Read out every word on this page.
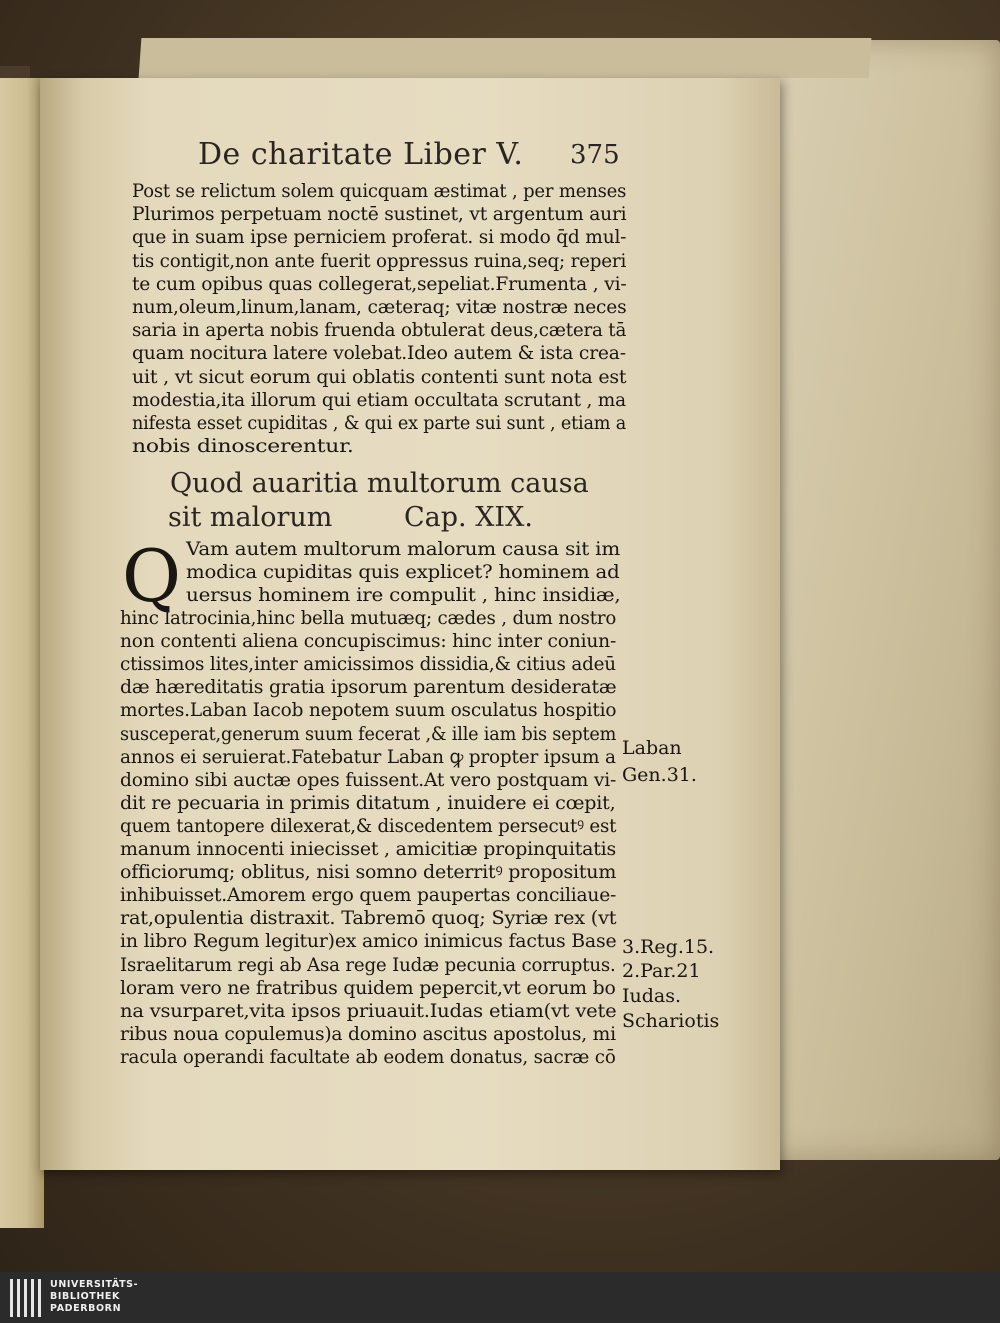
De charitate Liber V. 375
Post se relictum solem quicquam æstimat , per menses
Plurimos perpetuam noctē sustinet, vt argentum auri
que in suam ipse perniciem proferat. si modo q̄d mul-
tis contigit,non ante fuerit oppressus ruina,seq; reperi
te cum opibus quas collegerat,sepeliat.Frumenta , vi-
num,oleum,linum,lanam, cæteraq; vitæ nostræ neces
saria in aperta nobis fruenda obtulerat deus,cætera tā
quam nocitura latere volebat.Ideo autem & ista crea-
uit , vt sicut eorum qui oblatis contenti sunt nota est
modestia,ita illorum qui etiam occultata scrutant , ma
nifesta esset cupiditas , & qui ex parte sui sunt , etiam a
nobis dinoscerentur.
Quod auaritia multorum causa
sit malorum	Cap. XIX.
Q Vam autem multorum malorum causa sit im
modica cupiditas quis explicet? hominem ad
uersus hominem ire compulit , hinc insidiæ,
hinc latrocinia,hinc bella mutuæq; cædes , dum nostro
non contenti aliena concupiscimus: hinc inter coniun-
ctissimos lites,inter amicissimos dissidia,& citius adeū
dæ hæreditatis gratia ipsorum parentum desideratæ
mortes.Laban Iacob nepotem suum osculatus hospitio
susceperat,generum suum fecerat ,& ille iam bis septem
annos ei seruierat.Fatebatur Laban ꝙ propter ipsum a
domino sibi auctæ opes fuissent.At vero postquam vi-
dit re pecuaria in primis ditatum , inuidere ei cœpit,
quem tantopere dilexerat,& discedentem persecutꝰ est
manum innocenti iniecisset , amicitiæ propinquitatis
officiorumq; oblitus, nisi somno deterritꝰ propositum
inhibuisset.Amorem ergo quem paupertas conciliaue-
rat,opulentia distraxit. Tabremō quoq; Syriæ rex (vt
in libro Regum legitur)ex amico inimicus factus Base
Israelitarum regi ab Asa rege Iudæ pecunia corruptus.
loram vero ne fratribus quidem pepercit,vt eorum bo
na vsurparet,vita ipsos priuauit.Iudas etiam(vt vete
ribus noua copulemus)a domino ascitus apostolus, mi
racula operandi facultate ab eodem donatus, sacræ cō
Laban
Gen.31.
3.Reg.15.
2.Par.21
Iudas.
Schariotis
UNIVERSITÄTS-
BIBLIOTHEK
PADERBORN
